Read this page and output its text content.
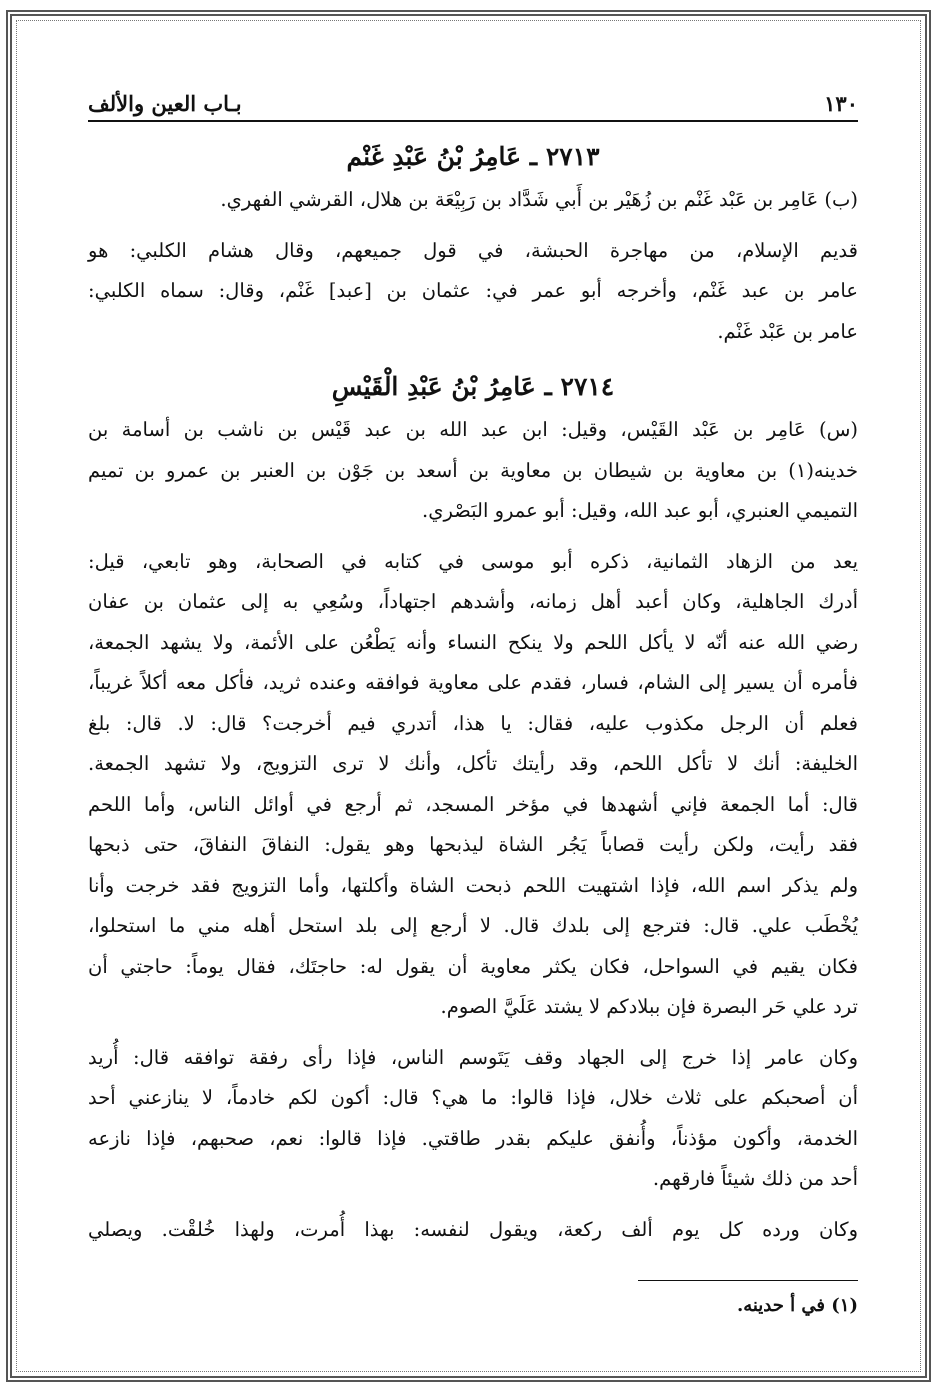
١٣٠
بـاب العين والألف
٢٧١٣ ـ عَامِرُ بْنُ عَبْدِ غَنْم

(ب) عَامِر بن عَبْد غَنْم بن زُهَيْر بن أَبي شَدَّاد بن رَبِيْعَة بن هلال، القرشي الفهري.

قديم الإسلام، من مهاجرة الحبشة، في قول جميعهم، وقال هشام الكلبي: هو
عامر بن عبد غَنْم، وأخرجه أبو عمر في: عثمان بن [عبد] غَنْم، وقال: سماه الكلبي:
عامر بن عَبْد غَنْم.

٢٧١٤ ـ عَامِرُ بْنُ عَبْدِ الْقَيْسِ

(س) عَامِر بن عَبْد القَيْس، وقيل: ابن عبد الله بن عبد قَيْس بن ناشب بن أسامة بن
خدينه(١) بن معاوية بن شيطان بن معاوية بن أسعد بن جَوْن بن العنبر بن عمرو بن تميم
التميمي العنبري، أبو عبد الله، وقيل: أبو عمرو البَصْري.

يعد من الزهاد الثمانية، ذكره أبو موسى في كتابه في الصحابة، وهو تابعي، قيل:
أدرك الجاهلية، وكان أعبد أهل زمانه، وأشدهم اجتهاداً، وسُعِي به إلى عثمان بن عفان
رضي الله عنه أنّه لا يأكل اللحم ولا ينكح النساء وأنه يَطْعُن على الأئمة، ولا يشهد الجمعة،
فأمره أن يسير إلى الشام، فسار، فقدم على معاوية فوافقه وعنده ثريد، فأكل معه أكلاً غريباً،
فعلم أن الرجل مكذوب عليه، فقال: يا هذا، أتدري فيم أخرجت؟ قال: لا. قال: بلغ
الخليفة: أنك لا تأكل اللحم، وقد رأيتك تأكل، وأنك لا ترى التزويج، ولا تشهد الجمعة.
قال: أما الجمعة فإني أشهدها في مؤخر المسجد، ثم أرجع في أوائل الناس، وأما اللحم
فقد رأيت، ولكن رأيت قصاباً يَجُر الشاة ليذبحها وهو يقول: النفاقَ النفاقَ، حتى ذبحها
ولم يذكر اسم الله، فإذا اشتهيت اللحم ذبحت الشاة وأكلتها، وأما التزويج فقد خرجت وأنا
يُخْطَب علي. قال: فترجع إلى بلدك قال. لا أرجع إلى بلد استحل أهله مني ما استحلوا،
فكان يقيم في السواحل، فكان يكثر معاوية أن يقول له: حاجتَك، فقال يوماً: حاجتي أن
ترد علي حَر البصرة فإن ببلادكم لا يشتد عَلَيَّ الصوم.

وكان عامر إذا خرج إلى الجهاد وقف يَتَوسم الناس، فإذا رأى رفقة توافقه قال: أُريد
أن أصحبكم على ثلاث خلال، فإذا قالوا: ما هي؟ قال: أكون لكم خادماً، لا ينازعني أحد
الخدمة، وأكون مؤذناً، وأُنفق عليكم بقدر طاقتي. فإذا قالوا: نعم، صحبهم، فإذا نازعه
أحد من ذلك شيئاً فارقهم.

وكان ورده كل يوم ألف ركعة، ويقول لنفسه: بهذا أُمرت، ولهذا خُلقْت. ويصلي

(١) في أ حدينه.
